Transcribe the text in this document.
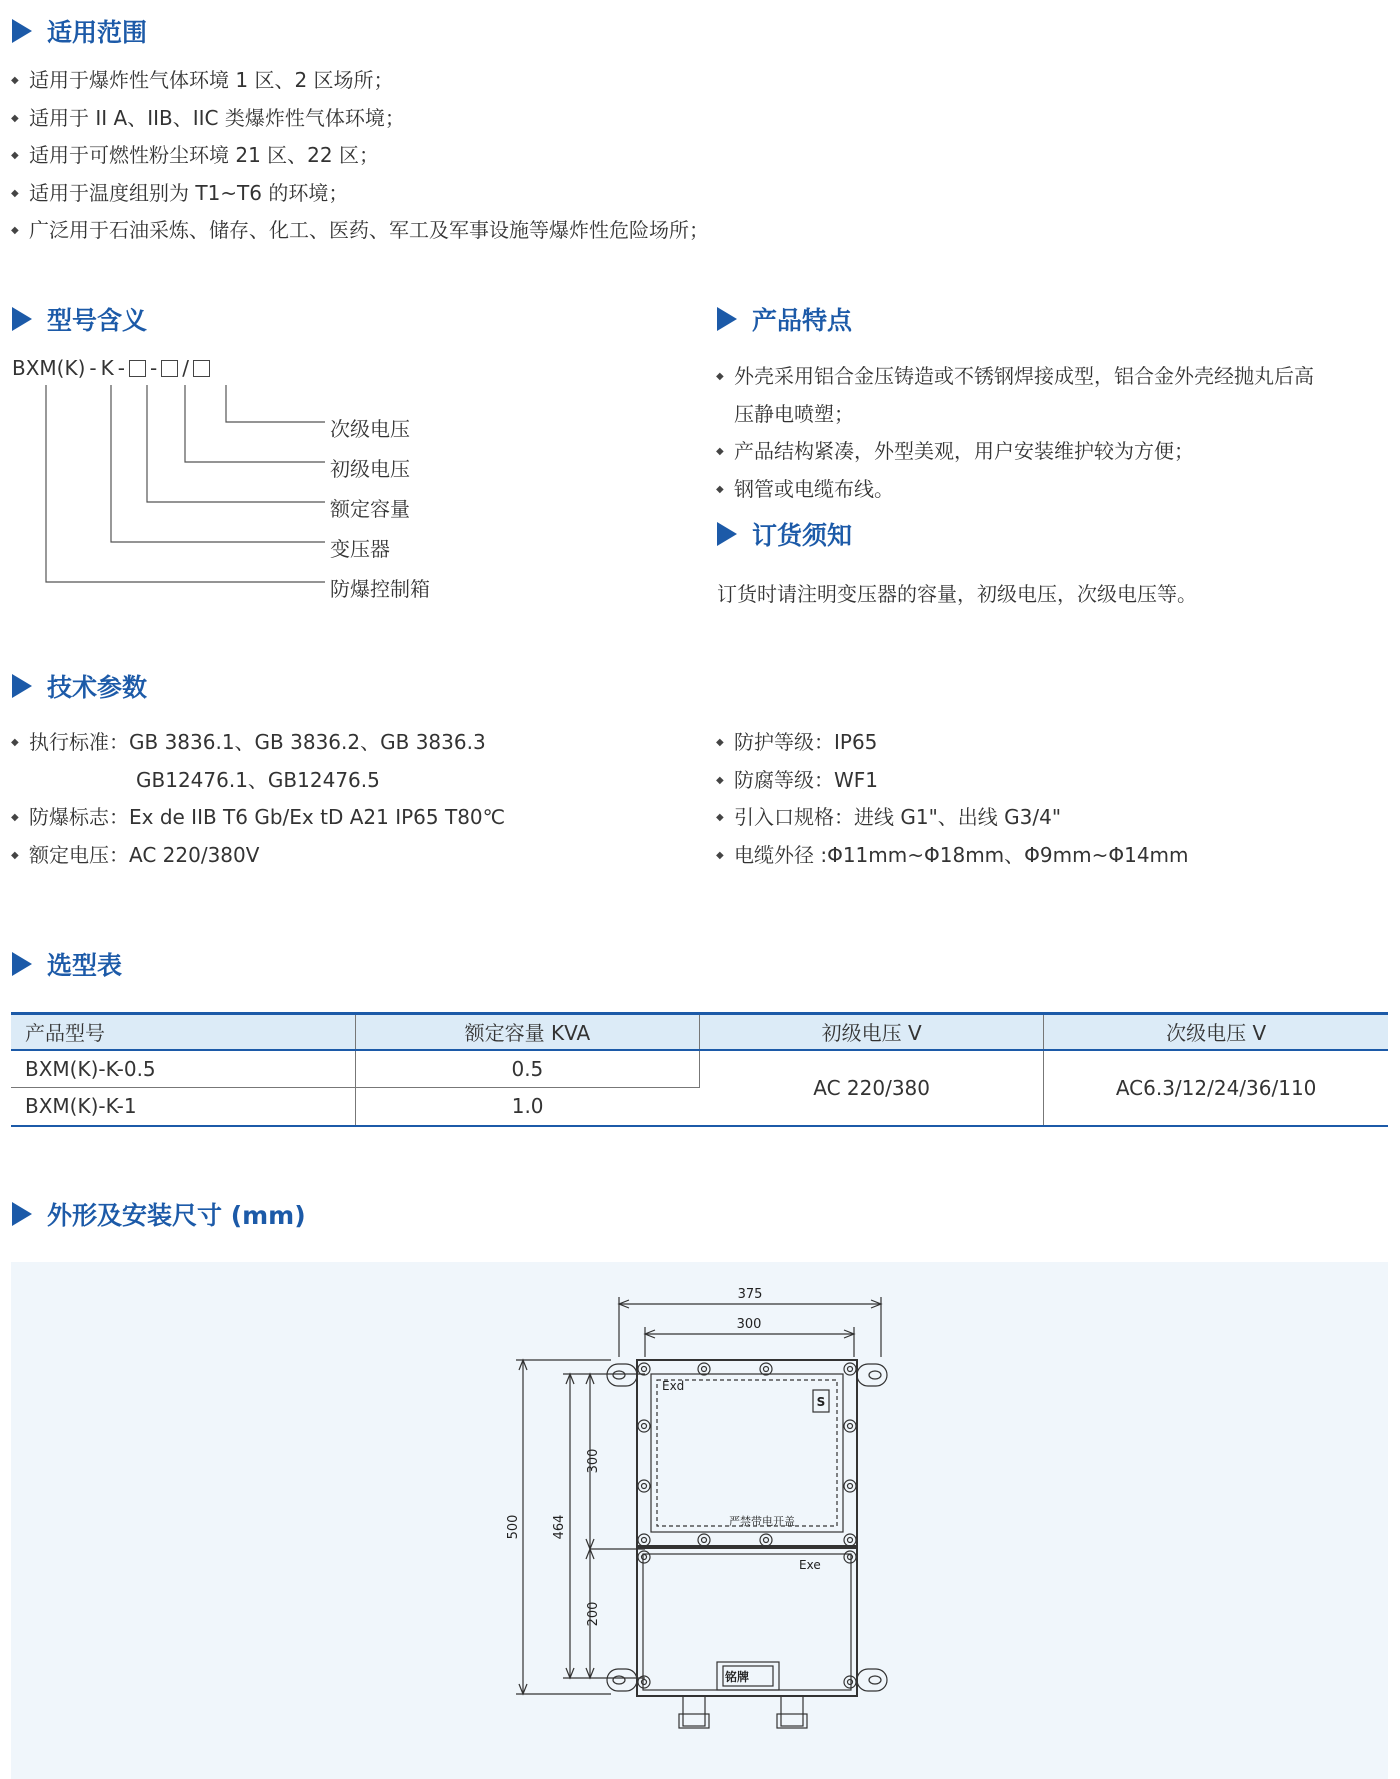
适用范围
◆ 适用于爆炸性气体环境 1 区、2 区场所；
◆ 适用于 II A、IIB、IIC 类爆炸性气体环境；
◆ 适用于可燃性粉尘环境 21 区、22 区；
◆ 适用于温度组别为 T1~T6 的环境；
◆ 广泛用于石油采炼、储存、化工、医药、军工及军事设施等爆炸性危险场所；
型号含义
BXM(K) - K - - /
次级电压
初级电压
额定容量
变压器
防爆控制箱
产品特点
◆ 外壳采用铝合金压铸造或不锈钢焊接成型，铝合金外壳经抛丸后高
压静电喷塑；
◆ 产品结构紧凑，外型美观，用户安装维护较为方便；
◆ 钢管或电缆布线。
订货须知
订货时请注明变压器的容量，初级电压，次级电压等。
技术参数
◆ 执行标准：GB 3836.1、GB 3836.2、GB 3836.3
GB12476.1、GB12476.5
◆ 防爆标志：Ex de IIB T6 Gb/Ex tD A21 IP65 T80℃
◆ 额定电压：AC 220/380V
◆ 防护等级：IP65
◆ 防腐等级：WF1
◆ 引入口规格：进线 G1"、出线 G3/4"
◆ 电缆外径 :Φ11mm~Φ18mm、Φ9mm~Φ14mm
选型表
产品型号	额定容量 KVA	初级电压 V	次级电压 V
BXM(K)-K-0.5	0.5	AC 220/380	AC6.3/12/24/36/110
BXM(K)-K-1	1.0		
外形及安装尺寸 (mm)
375
300
500 464
300
200
Exd
Exe
严禁带电开盖
铭牌
S
